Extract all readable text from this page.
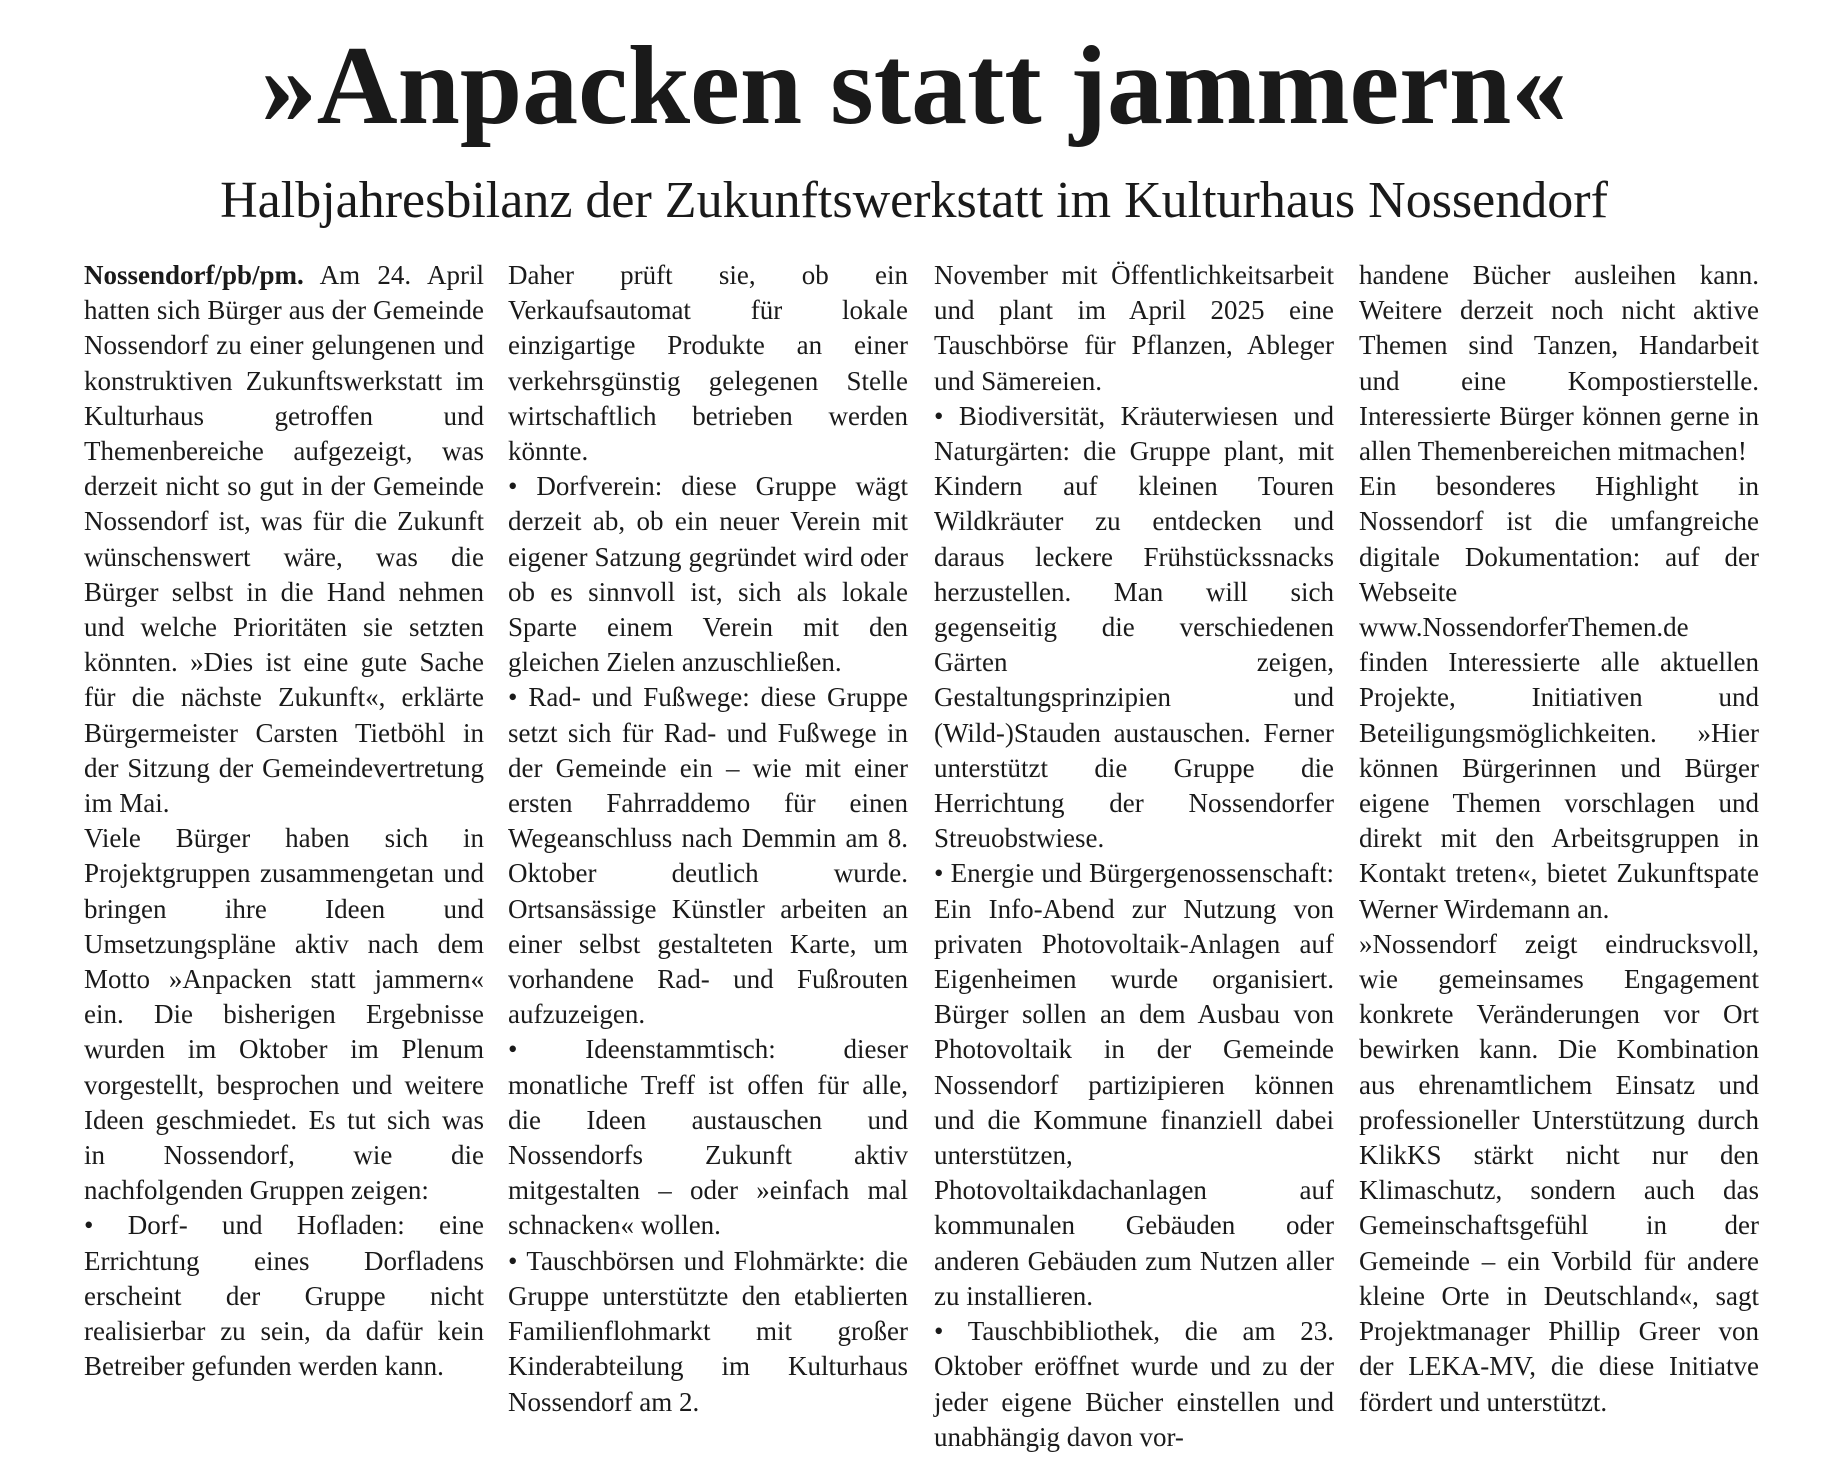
»Anpacken statt jammern«
Halbjahresbilanz der Zukunftswerkstatt im Kulturhaus Nossendorf

Nossendorf/pb/pm. Am 24. April hatten sich Bürger aus der Gemeinde Nossendorf zu einer gelungenen und konstruktiven Zukunftswerkstatt im Kulturhaus getroffen und Themenbereiche aufgezeigt, was derzeit nicht so gut in der Gemeinde Nossendorf ist, was für die Zukunft wünschenswert wäre, was die Bürger selbst in die Hand nehmen und welche Prioritäten sie setzten könnten. »Dies ist eine gute Sache für die nächste Zukunft«, erklärte Bürgermeister Carsten Tietböhl in der Sitzung der Gemeindevertretung im Mai.

Viele Bürger haben sich in Projektgruppen zusammengetan und bringen ihre Ideen und Umsetzungspläne aktiv nach dem Motto »Anpacken statt jammern« ein. Die bisherigen Ergebnisse wurden im Oktober im Plenum vorgestellt, besprochen und weitere Ideen geschmiedet. Es tut sich was in Nossendorf, wie die nachfolgenden Gruppen zeigen:

• Dorf- und Hofladen: eine Errichtung eines Dorfladens erscheint der Gruppe nicht realisierbar zu sein, da dafür kein Betreiber gefunden werden kann.

Daher prüft sie, ob ein Verkaufsautomat für lokale einzigartige Produkte an einer verkehrsgünstig gelegenen Stelle wirtschaftlich betrieben werden könnte.

• Dorfverein: diese Gruppe wägt derzeit ab, ob ein neuer Verein mit eigener Satzung gegründet wird oder ob es sinnvoll ist, sich als lokale Sparte einem Verein mit den gleichen Zielen anzuschließen.

• Rad- und Fußwege: diese Gruppe setzt sich für Rad- und Fußwege in der Gemeinde ein – wie mit einer ersten Fahrraddemo für einen Wegeanschluss nach Demmin am 8. Oktober deutlich wurde. Ortsansässige Künstler arbeiten an einer selbst gestalteten Karte, um vorhandene Rad- und Fußrouten aufzuzeigen.

• Ideenstammtisch: dieser monatliche Treff ist offen für alle, die Ideen austauschen und Nossendorfs Zukunft aktiv mitgestalten – oder »einfach mal schnacken« wollen.

• Tauschbörsen und Flohmärkte: die Gruppe unterstützte den etablierten Familienflohmarkt mit großer Kinderabteilung im Kulturhaus Nossendorf am 2.

November mit Öffentlichkeitsarbeit und plant im April 2025 eine Tauschbörse für Pflanzen, Ableger und Sämereien.

• Biodiversität, Kräuterwiesen und Naturgärten: die Gruppe plant, mit Kindern auf kleinen Touren Wildkräuter zu entdecken und daraus leckere Frühstückssnacks herzustellen. Man will sich gegenseitig die verschiedenen Gärten zeigen, Gestaltungsprinzipien und (Wild-)Stauden austauschen. Ferner unterstützt die Gruppe die Herrichtung der Nossendorfer Streuobstwiese.

• Energie und Bürgergenossenschaft: Ein Info-Abend zur Nutzung von privaten Photovoltaik-Anlagen auf Eigenheimen wurde organisiert. Bürger sollen an dem Ausbau von Photovoltaik in der Gemeinde Nossendorf partizipieren können und die Kommune finanziell dabei unterstützen, Photovoltaikdachanlagen auf kommunalen Gebäuden oder anderen Gebäuden zum Nutzen aller zu installieren.

• Tauschbibliothek, die am 23. Oktober eröffnet wurde und zu der jeder eigene Bücher einstellen und unabhängig davon vor-

handene Bücher ausleihen kann. Weitere derzeit noch nicht aktive Themen sind Tanzen, Handarbeit und eine Kompostierstelle. Interessierte Bürger können gerne in allen Themenbereichen mitmachen!

Ein besonderes Highlight in Nossendorf ist die umfangreiche digitale Dokumentation: auf der Webseite www.NossendorferThemen.de finden Interessierte alle aktuellen Projekte, Initiativen und Beteiligungsmöglichkeiten. »Hier können Bürgerinnen und Bürger eigene Themen vorschlagen und direkt mit den Arbeitsgruppen in Kontakt treten«, bietet Zukunftspate Werner Wirdemann an.

»Nossendorf zeigt eindrucksvoll, wie gemeinsames Engagement konkrete Veränderungen vor Ort bewirken kann. Die Kombination aus ehrenamtlichem Einsatz und professioneller Unterstützung durch KlikKS stärkt nicht nur den Klimaschutz, sondern auch das Gemeinschaftsgefühl in der Gemeinde – ein Vorbild für andere kleine Orte in Deutschland«, sagt Projektmanager Phillip Greer von der LEKA-MV, die diese Initiatve fördert und unterstützt.
